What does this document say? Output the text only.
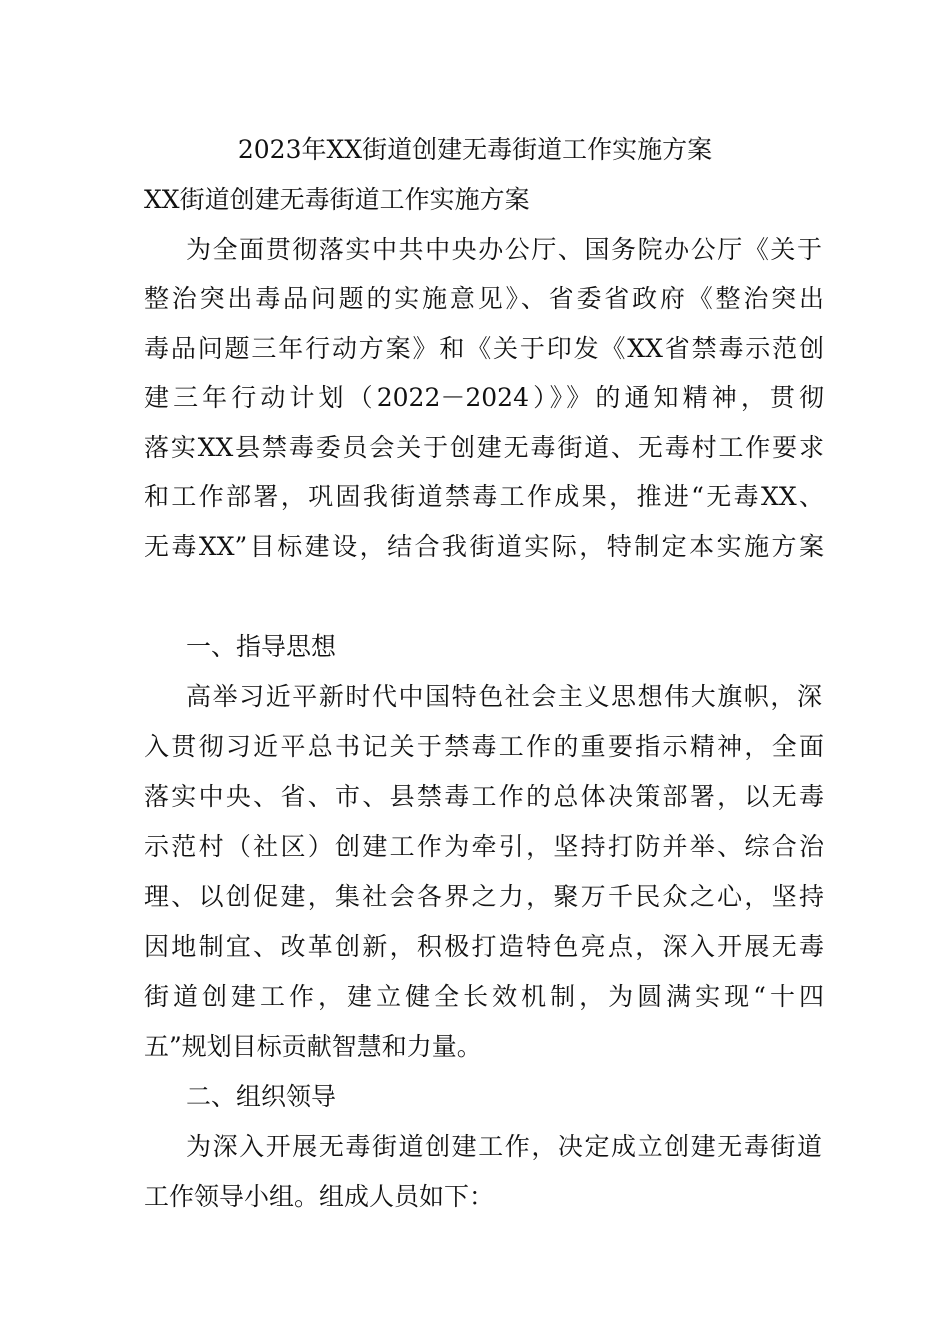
2023年XX街道创建无毒街道工作实施方案
XX街道创建无毒街道工作实施方案
为全面贯彻落实中共中央办公厅、国务院办公厅《关于
整治突出毒品问题的实施意见》、省委省政府《整治突出
毒品问题三年行动方案》和《关于印发《XX省禁毒示范创
建三年行动计划（2022－2024）》》的通知精神，贯彻
落实XX县禁毒委员会关于创建无毒街道、无毒村工作要求
和工作部署，巩固我街道禁毒工作成果，推进“无毒XX、
无毒XX”目标建设，结合我街道实际，特制定本实施方案
一、指导思想
高举习近平新时代中国特色社会主义思想伟大旗帜，深
入贯彻习近平总书记关于禁毒工作的重要指示精神，全面
落实中央、省、市、县禁毒工作的总体决策部署，以无毒
示范村（社区）创建工作为牵引，坚持打防并举、综合治
理、以创促建，集社会各界之力，聚万千民众之心，坚持
因地制宜、改革创新，积极打造特色亮点，深入开展无毒
街道创建工作，建立健全长效机制，为圆满实现“十四
五”规划目标贡献智慧和力量。
二、组织领导
为深入开展无毒街道创建工作，决定成立创建无毒街道
工作领导小组。组成人员如下：
